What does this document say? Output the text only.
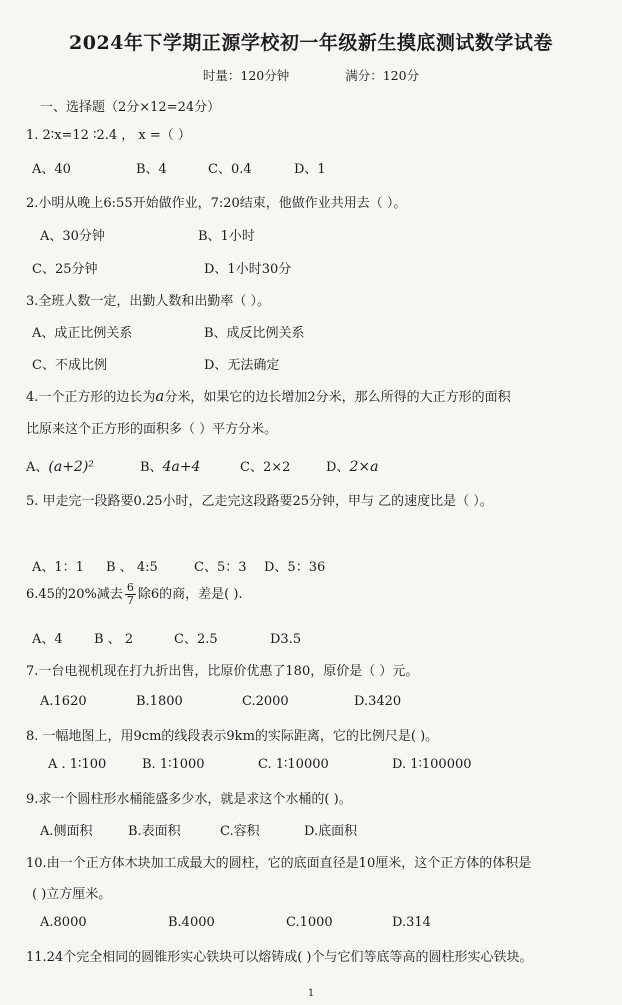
2024年下学期正源学校初一年级新生摸底测试数学试卷
时量：120分钟	满分：120分
一、选择题（2分×12=24分）
1. 2∶x=12 ∶2.4 ， x =（ ）
A、40	B、4	C、0.4	D、1
2.小明从晚上6:55开始做作业，7:20结束，他做作业共用去（ ）。
A、30分钟	B、1小时
C、25分钟	D、1小时30分
3.全班人数一定，出勤人数和出勤率（ ）。
A、成正比例关系	B、成反比例关系
C、不成比例	D、无法确定
4.一个正方形的边长为a分米，如果它的边长增加2分米，那么所得的大正方形的面积
比原来这个正方形的面积多（ ）平方分米。
A、(a+2)²	B、4a+4	C、2×2	D、2×a
5. 甲走完一段路要0.25小时，乙走完这段路要25分钟，甲与 乙的速度比是（ ）。
A、1：1 B 、 4:5	C、5：3 D、5：36
6.45的20%减去 $\frac{6}{7}$ 除6的商，差是( ).
A、4 B 、 2	C、2.5	D3.5
7.一台电视机现在打九折出售，比原价优惠了180，原价是（ ）元。
A.1620	B.1800	C.2000	D.3420
8. 一幅地图上，用9cm的线段表示9km的实际距离，它的比例尺是( )。
A . 1∶100	B. 1∶1000	C. 1∶10000	D. 1∶100000
9.求一个圆柱形水桶能盛多少水，就是求这个水桶的( )。
A.侧面积	B.表面积	C.容积	D.底面积
10.由一个正方体木块加工成最大的圆柱，它的底面直径是10厘米，这个正方体的体积是
( )立方厘米。
A.8000	B.4000	C.1000	D.314
11.24个完全相同的圆锥形实心铁块可以熔铸成( )个与它们等底等高的圆柱形实心铁块。
1
